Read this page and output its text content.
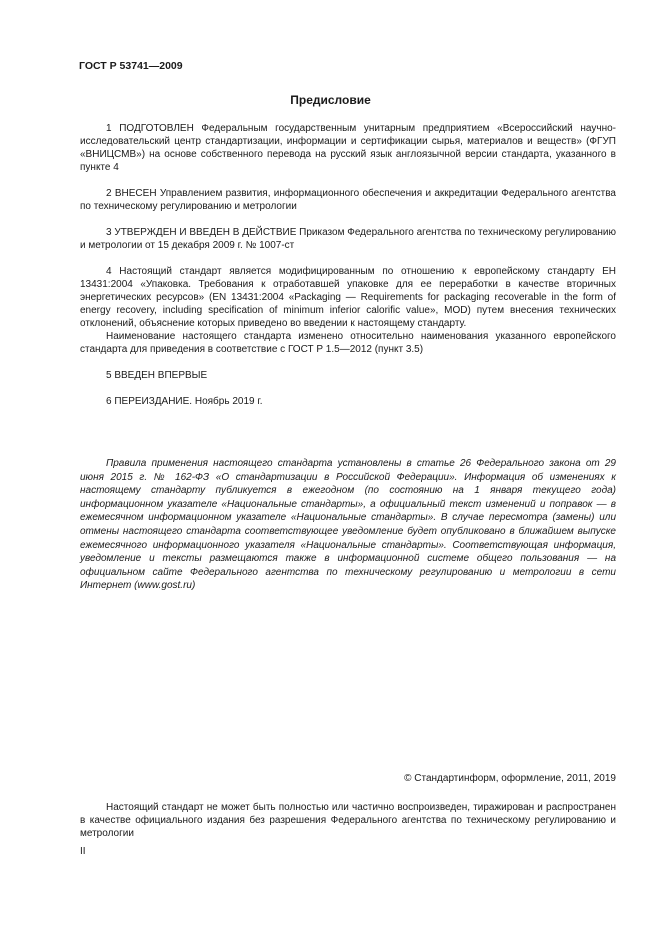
ГОСТ Р 53741—2009
Предисловие

1 ПОДГОТОВЛЕН Федеральным государственным унитарным предприятием «Всероссийский научно-исследовательский центр стандартизации, информации и сертификации сырья, материалов и веществ» (ФГУП «ВНИЦСМВ») на основе собственного перевода на русский язык англоязычной версии стандарта, указанного в пункте 4

2 ВНЕСЕН Управлением развития, информационного обеспечения и аккредитации Федерального агентства по техническому регулированию и метрологии

3 УТВЕРЖДЕН И ВВЕДЕН В ДЕЙСТВИЕ Приказом Федерального агентства по техническому регулированию и метрологии от 15 декабря 2009 г. № 1007-ст

4 Настоящий стандарт является модифицированным по отношению к европейскому стандарту ЕН 13431:2004 «Упаковка. Требования к отработавшей упаковке для ее переработки в качестве вторичных энергетических ресурсов» (EN 13431:2004 «Packaging — Requirements for packaging recoverable in the form of energy recovery, including specification of minimum inferior calorific value», MOD) путем внесения технических отклонений, объяснение которых приведено во введении к настоящему стандарту.

Наименование настоящего стандарта изменено относительно наименования указанного европейского стандарта для приведения в соответствие с ГОСТ Р 1.5—2012 (пункт 3.5)

5 ВВЕДЕН ВПЕРВЫЕ

6 ПЕРЕИЗДАНИЕ. Ноябрь 2019 г.

Правила применения настоящего стандарта установлены в статье 26 Федерального закона от 29 июня 2015 г. № 162-ФЗ «О стандартизации в Российской Федерации». Информация об изменениях к настоящему стандарту публикуется в ежегодном (по состоянию на 1 января текущего года) информационном указателе «Национальные стандарты», а официальный текст изменений и поправок — в ежемесячном информационном указателе «Национальные стандарты». В случае пересмотра (замены) или отмены настоящего стандарта соответствующее уведомление будет опубликовано в ближайшем выпуске ежемесячного информационного указателя «Национальные стандарты». Соответствующая информация, уведомление и тексты размещаются также в информационной системе общего пользования — на официальном сайте Федерального агентства по техническому регулированию и метрологии в сети Интернет (www.gost.ru)

© Стандартинформ, оформление, 2011, 2019

Настоящий стандарт не может быть полностью или частично воспроизведен, тиражирован и распространен в качестве официального издания без разрешения Федерального агентства по техническому регулированию и метрологии

II
